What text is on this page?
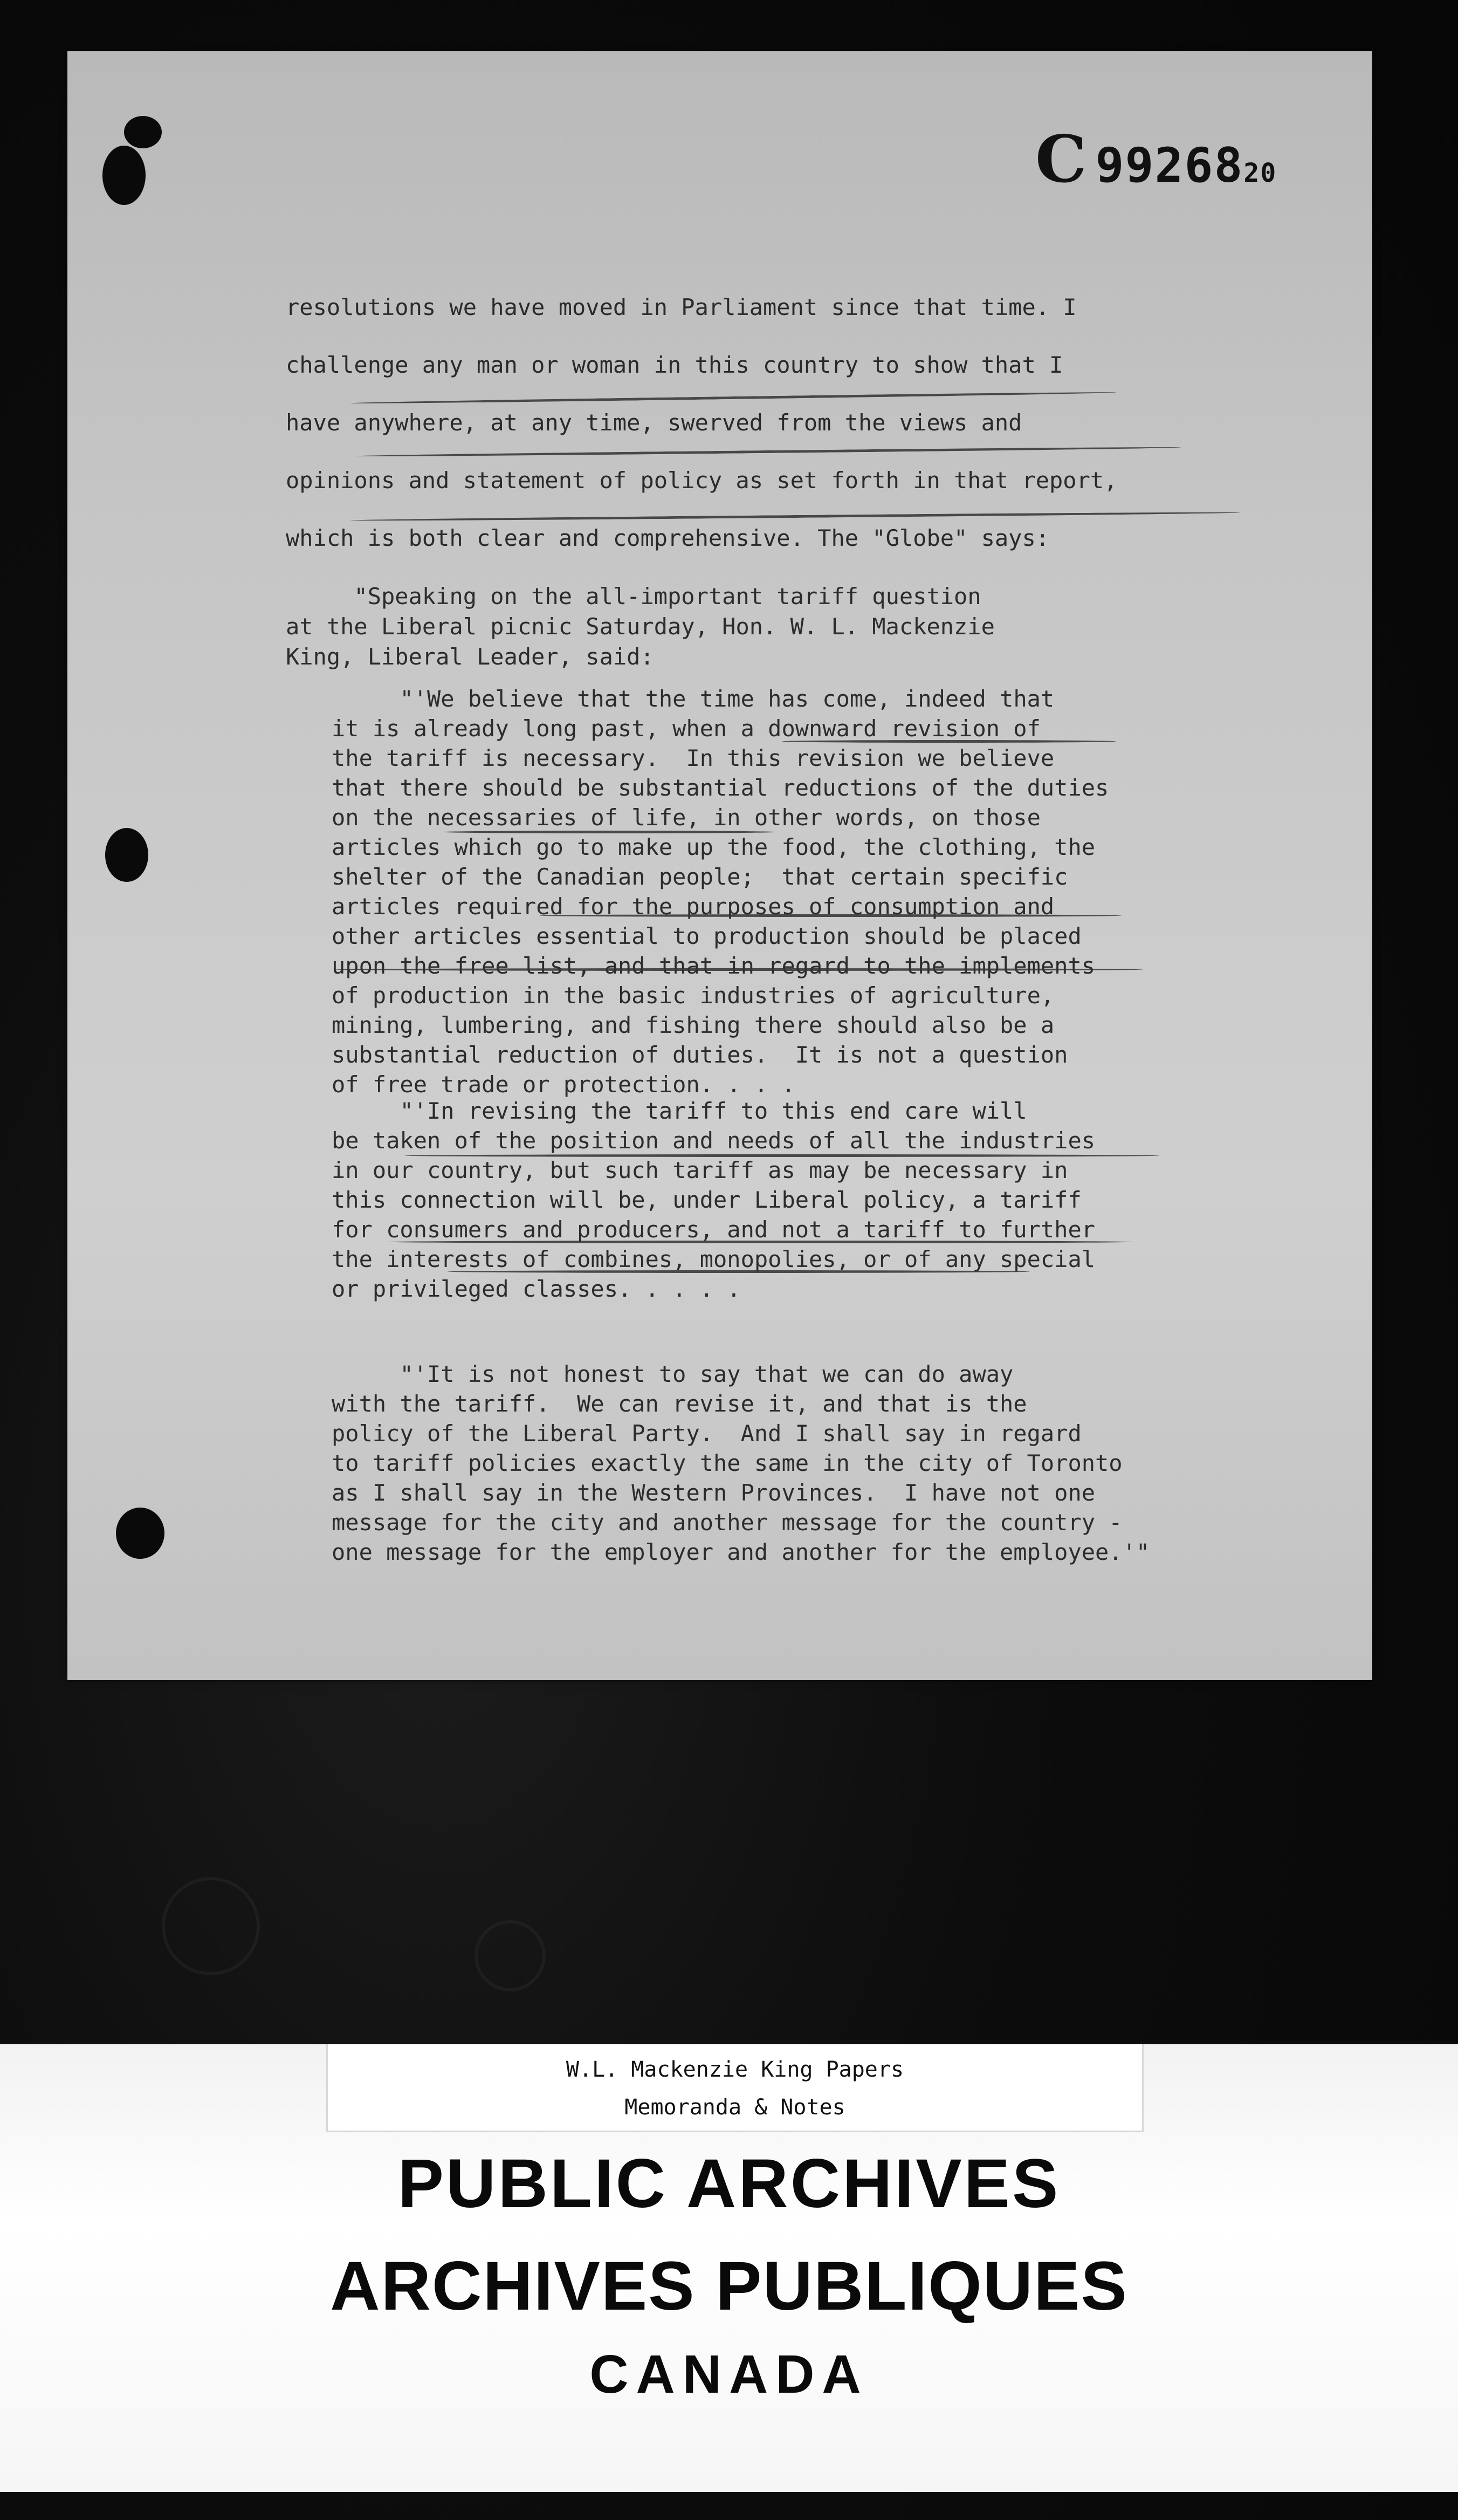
C 9926820
resolutions we have moved in Parliament since that time. I
challenge any man or woman in this country to show that I
have anywhere, at any time, swerved from the views and
opinions and statement of policy as set forth in that report,
which is both clear and comprehensive. The "Globe" says:
"Speaking on the all-important tariff question
at the Liberal picnic Saturday, Hon. W. L. Mackenzie
King, Liberal Leader, said:
"'We believe that the time has come, indeed that
it is already long past, when a downward revision of
the tariff is necessary.  In this revision we believe
that there should be substantial reductions of the duties
on the necessaries of life, in other words, on those
articles which go to make up the food, the clothing, the
shelter of the Canadian people;  that certain specific
articles required for the purposes of consumption and
other articles essential to production should be placed
upon the free list, and that in regard to the implements
of production in the basic industries of agriculture,
mining, lumbering, and fishing there should also be a
substantial reduction of duties.  It is not a question
of free trade or protection. . . .
"'In revising the tariff to this end care will
be taken of the position and needs of all the industries
in our country, but such tariff as may be necessary in
this connection will be, under Liberal policy, a tariff
for consumers and producers, and not a tariff to further
the interests of combines, monopolies, or of any special
or privileged classes. . . . .
"'It is not honest to say that we can do away
with the tariff.  We can revise it, and that is the
policy of the Liberal Party.  And I shall say in regard
to tariff policies exactly the same in the city of Toronto
as I shall say in the Western Provinces.  I have not one
message for the city and another message for the country -
one message for the employer and another for the employee.'"
W.L. Mackenzie King Papers
Memoranda & Notes
PUBLIC ARCHIVES
ARCHIVES PUBLIQUES
CANADA
